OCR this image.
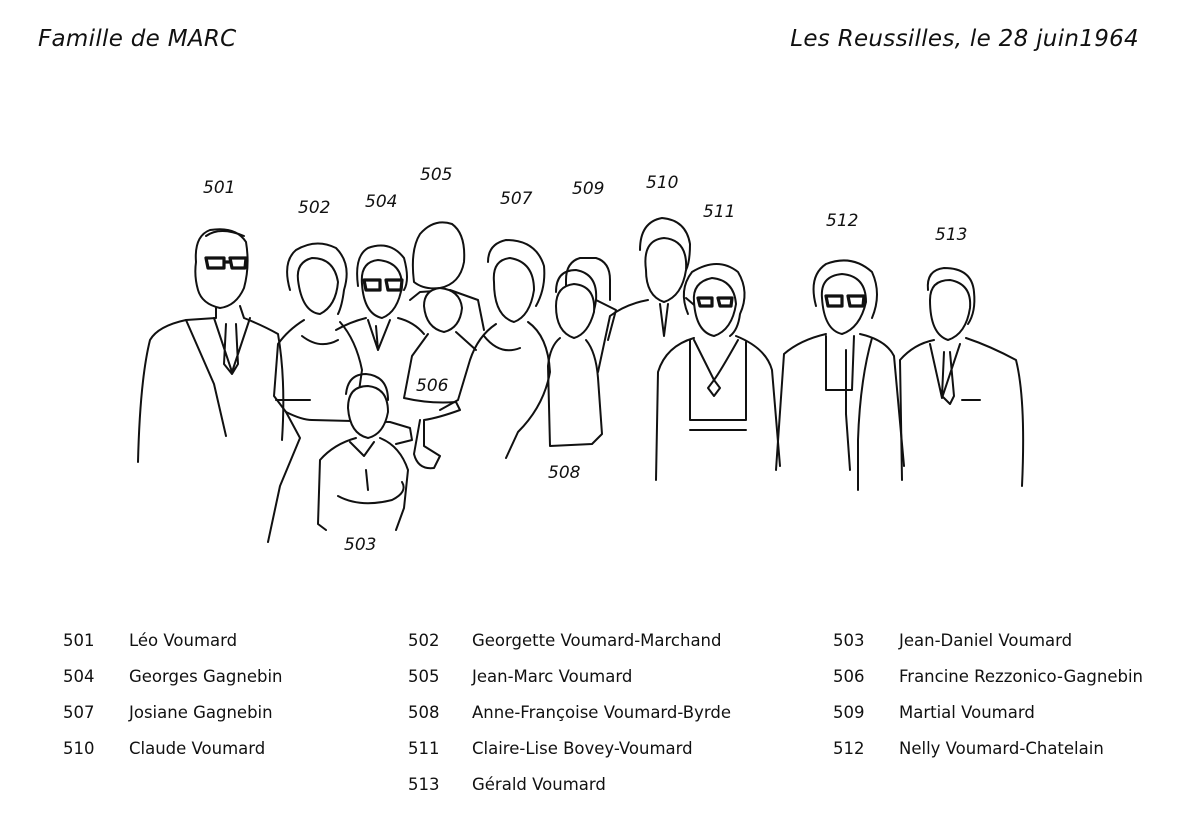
Famille de MARC	Les Reussilles, le 28 juin1964
501
502
503
504
505
506
507
508
509 510
511	512
513
501 Léo Voumard	502 Georgette Voumard-Marchand	503 Jean-Daniel Voumard
504 Georges Gagnebin	505 Jean-Marc Voumard	506 Francine Rezzonico-Gagnebin
507 Josiane Gagnebin	508 Anne-Françoise Voumard-Byrde	509 Martial Voumard
510 Claude Voumard	511 Claire-Lise Bovey-Voumard	512 Nelly Voumard-Chatelain
513 Gérald Voumard
